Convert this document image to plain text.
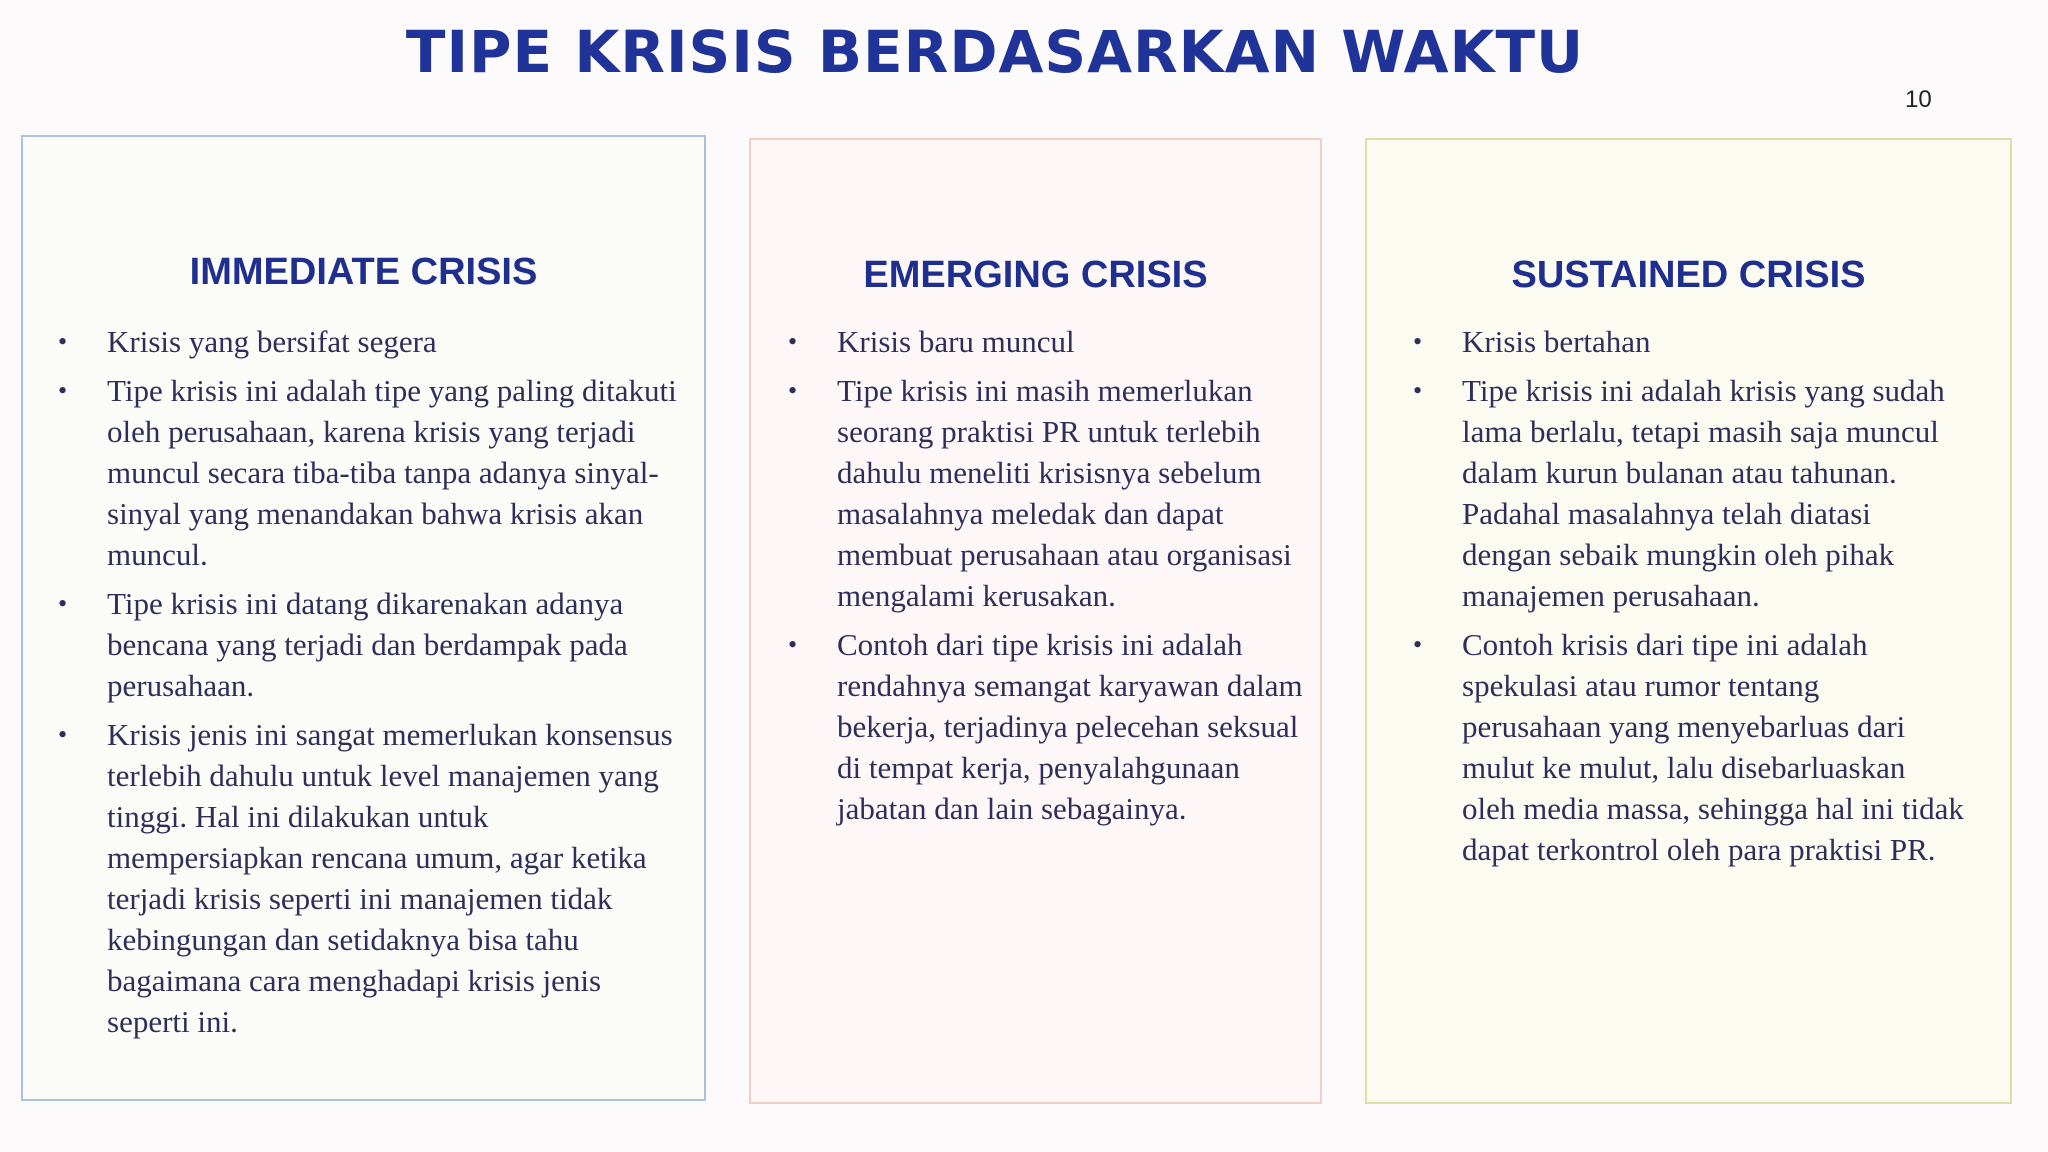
TIPE KRISIS BERDASARKAN WAKTU
10
IMMEDIATE CRISIS
• Krisis yang bersifat segera
• Tipe krisis ini adalah tipe yang paling ditakuti oleh perusahaan, karena krisis yang terjadi muncul secara tiba-tiba tanpa adanya sinyal-sinyal yang menandakan bahwa krisis akan muncul.
• Tipe krisis ini datang dikarenakan adanya bencana yang terjadi dan berdampak pada perusahaan.
• Krisis jenis ini sangat memerlukan konsensus terlebih dahulu untuk level manajemen yang tinggi. Hal ini dilakukan untuk mempersiapkan rencana umum, agar ketika terjadi krisis seperti ini manajemen tidak kebingungan dan setidaknya bisa tahu bagaimana cara menghadapi krisis jenis seperti ini.
EMERGING CRISIS
• Krisis baru muncul
• Tipe krisis ini masih memerlukan seorang praktisi PR untuk terlebih dahulu meneliti krisisnya sebelum masalahnya meledak dan dapat membuat perusahaan atau organisasi mengalami kerusakan.
• Contoh dari tipe krisis ini adalah rendahnya semangat karyawan dalam bekerja, terjadinya pelecehan seksual di tempat kerja, penyalahgunaan jabatan dan lain sebagainya.
SUSTAINED CRISIS
• Krisis bertahan
• Tipe krisis ini adalah krisis yang sudah lama berlalu, tetapi masih saja muncul dalam kurun bulanan atau tahunan. Padahal masalahnya telah diatasi dengan sebaik mungkin oleh pihak manajemen perusahaan.
• Contoh krisis dari tipe ini adalah spekulasi atau rumor tentang perusahaan yang menyebarluas dari mulut ke mulut, lalu disebarluaskan oleh media massa, sehingga hal ini tidak dapat terkontrol oleh para praktisi PR.
